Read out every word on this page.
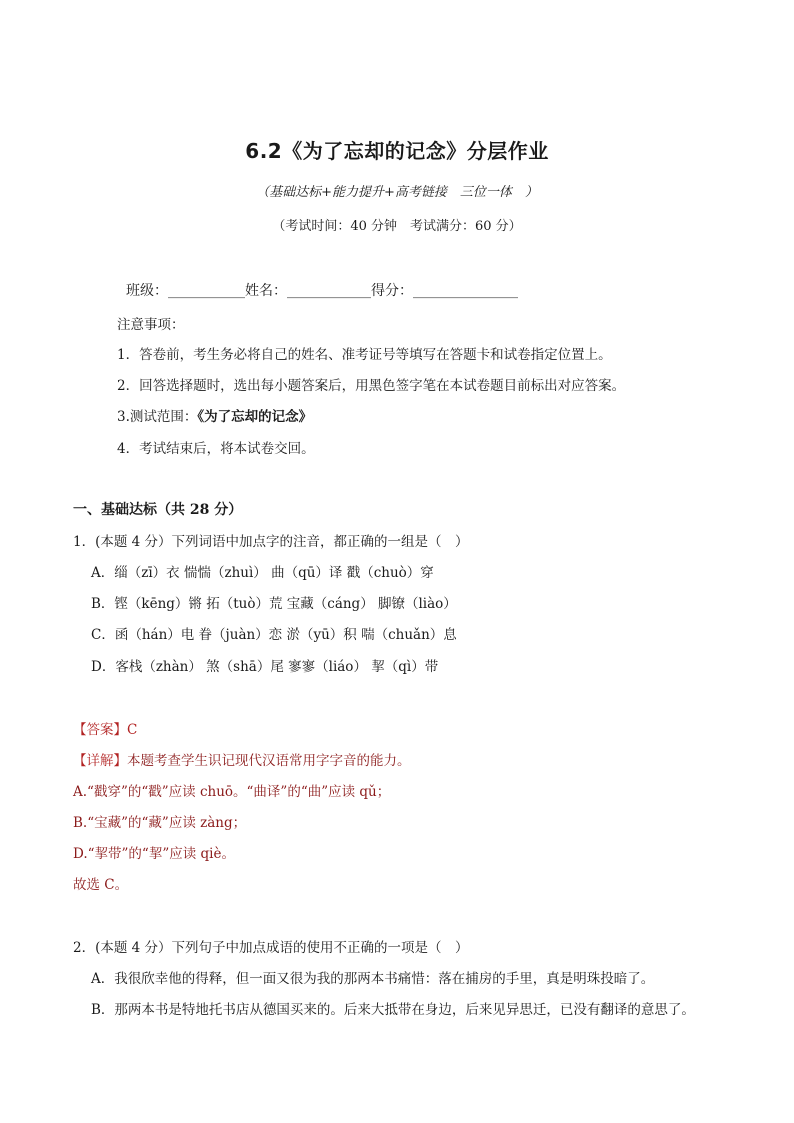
6.2《为了忘却的记念》分层作业
（基础达标+能力提升+高考链接　三位一体　）
（考试时间：40 分钟　考试满分：60 分）
班级：___________姓名：____________得分：_______________
注意事项：
1．答卷前，考生务必将自己的姓名、准考证号等填写在答题卡和试卷指定位置上。
2．回答选择题时，选出每小题答案后，用黑色签字笔在本试卷题目前标出对应答案。
3.测试范围：《为了忘却的记念》
4．考试结束后，将本试卷交回。
一、基础达标（共 28 分）
1．(本题 4 分）下列词语中加点字的注音，都正确的一组是（　）
A．缁（zī）衣 惴惴（zhuì） 曲（qū）译 戳（chuò）穿
B．铿（kēng）锵 拓（tuò）荒 宝藏（cáng） 脚镣（liào）
C．函（hán）电 眷（juàn）恋 淤（yū）积 喘（chuǎn）息
D．客栈（zhàn） 煞（shā）尾 寥寥（liáo） 挈（qì）带
【答案】C
【详解】本题考查学生识记现代汉语常用字字音的能力。
A.“戳穿”的“戳”应读 chuō。“曲译”的“曲”应读 qǔ；
B.“宝藏”的“藏”应读 zàng；
D.“挈带”的“挈”应读 qiè。
故选 C。
2．(本题 4 分）下列句子中加点成语的使用不正确的一项是（　）
A．我很欣幸他的得释，但一面又很为我的那两本书痛惜：落在捕房的手里，真是明珠投暗了。
B．那两本书是特地托书店从德国买来的。后来大抵带在身边，后来见异思迁，已没有翻译的意思了。
